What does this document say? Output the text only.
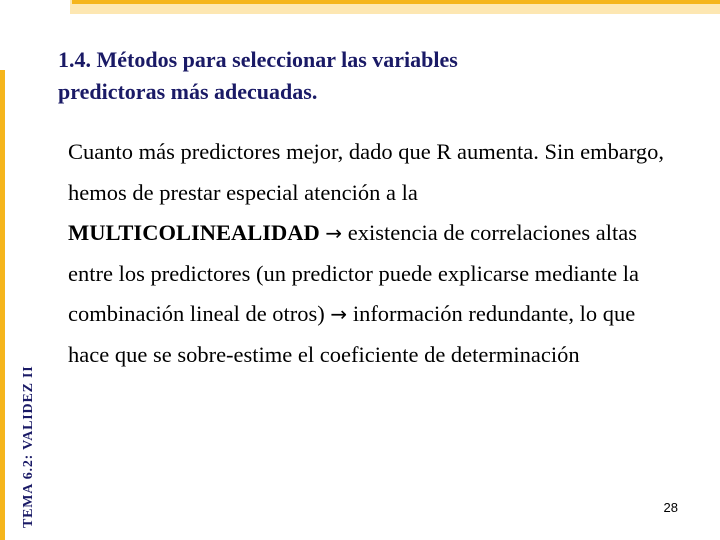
TEMA 6.2: VALIDEZ II
1.4. Métodos para seleccionar las variables
predictoras más adecuadas.

Cuanto más predictores mejor, dado que R aumenta. Sin embargo, hemos de prestar especial atención a la MULTICOLINEALIDAD → existencia de correlaciones altas entre los predictores (un predictor puede explicarse mediante la combinación lineal de otros) → información redundante, lo que hace que se sobre-estime el coeficiente de determinación

28
